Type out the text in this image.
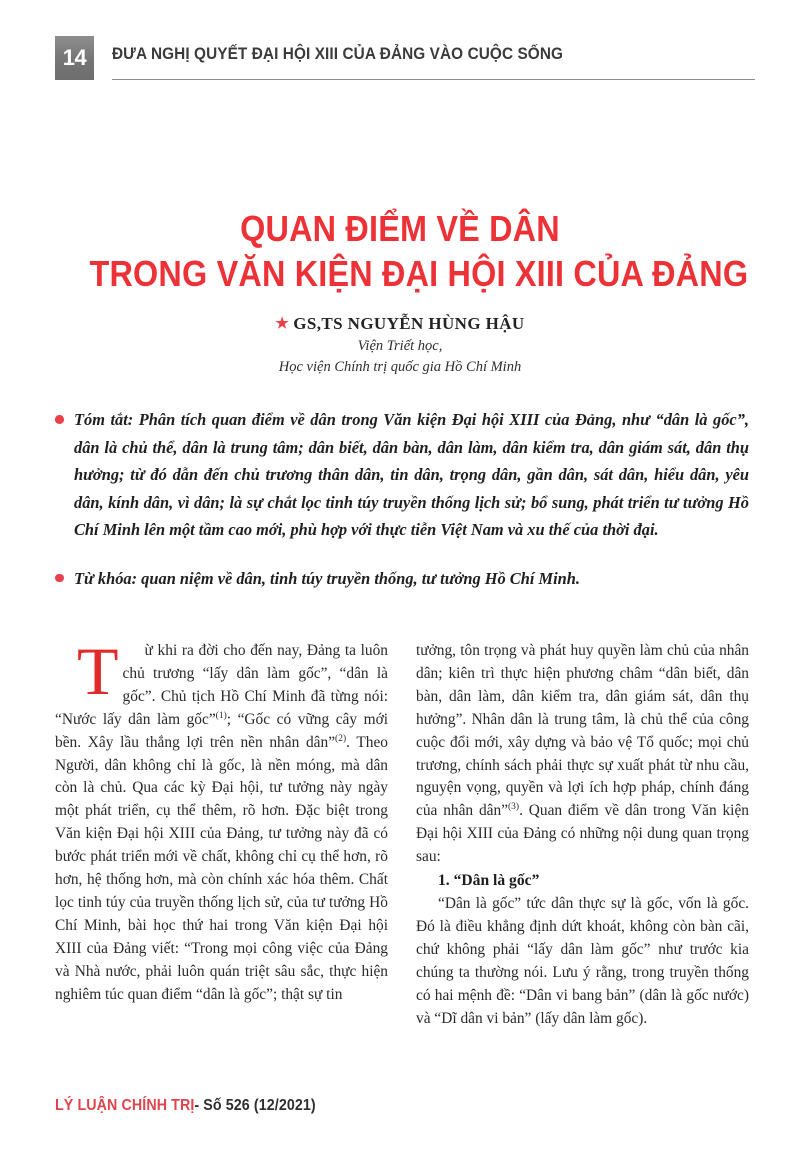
14	ĐƯA NGHỊ QUYẾT ĐẠI HỘI XIII CỦA ĐẢNG VÀO CUỘC SỐNG
QUAN ĐIỂM VỀ DÂN
TRONG VĂN KIỆN ĐẠI HỘI XIII CỦA ĐẢNG
★ GS,TS NGUYỄN HÙNG HẬU
Viện Triết học,
Học viện Chính trị quốc gia Hồ Chí Minh
Tóm tắt: Phân tích quan điểm về dân trong Văn kiện Đại hội XIII của Đảng, như “dân là gốc”, dân là chủ thể, dân là trung tâm; dân biết, dân bàn, dân làm, dân kiểm tra, dân giám sát, dân thụ hưởng; từ đó dẫn đến chủ trương thân dân, tin dân, trọng dân, gần dân, sát dân, hiểu dân, yêu dân, kính dân, vì dân; là sự chắt lọc tinh túy truyền thống lịch sử; bổ sung, phát triển tư tưởng Hồ Chí Minh lên một tầm cao mới, phù hợp với thực tiễn Việt Nam và xu thế của thời đại.
Từ khóa: quan niệm về dân, tinh túy truyền thống, tư tưởng Hồ Chí Minh.

T ừ khi ra đời cho đến nay, Đảng ta luôn chủ trương “lấy dân làm gốc”, “dân là gốc”. Chủ tịch Hồ Chí Minh đã từng nói: “Nước lấy dân làm gốc”$^{(1)}$; “Gốc có vững cây mới bền. Xây lầu thắng lợi trên nền nhân dân”$^{(2)}$. Theo Người, dân không chỉ là gốc, là nền móng, mà dân còn là chủ. Qua các kỳ Đại hội, tư tưởng này ngày một phát triển, cụ thể thêm, rõ hơn. Đặc biệt trong Văn kiện Đại hội XIII của Đảng, tư tưởng này đã có bước phát triển mới về chất, không chỉ cụ thể hơn, rõ hơn, hệ thống hơn, mà còn chính xác hóa thêm. Chất lọc tinh túy của truyền thống lịch sử, của tư tưởng Hồ Chí Minh, bài học thứ hai trong Văn kiện Đại hội XIII của Đảng viết: “Trong mọi công việc của Đảng và Nhà nước, phải luôn quán triệt sâu sắc, thực hiện nghiêm túc quan điểm “dân là gốc”; thật sự tin

tưởng, tôn trọng và phát huy quyền làm chủ của nhân dân; kiên trì thực hiện phương châm “dân biết, dân bàn, dân làm, dân kiểm tra, dân giám sát, dân thụ hưởng”. Nhân dân là trung tâm, là chủ thể của công cuộc đổi mới, xây dựng và bảo vệ Tổ quốc; mọi chủ trương, chính sách phải thực sự xuất phát từ nhu cầu, nguyện vọng, quyền và lợi ích hợp pháp, chính đáng của nhân dân”$^{(3)}$. Quan điểm về dân trong Văn kiện Đại hội XIII của Đảng có những nội dung quan trọng sau:

1. “Dân là gốc”

“Dân là gốc” tức dân thực sự là gốc, vốn là gốc. Đó là điều khẳng định dứt khoát, không còn bàn cãi, chứ không phải “lấy dân làm gốc” như trước kia chúng ta thường nói. Lưu ý rằng, trong truyền thống có hai mệnh đề: “Dân vi bang bản” (dân là gốc nước) và “Dĩ dân vi bản” (lấy dân làm gốc).

LÝ LUẬN CHÍNH TRỊ- Số 526 (12/2021)
